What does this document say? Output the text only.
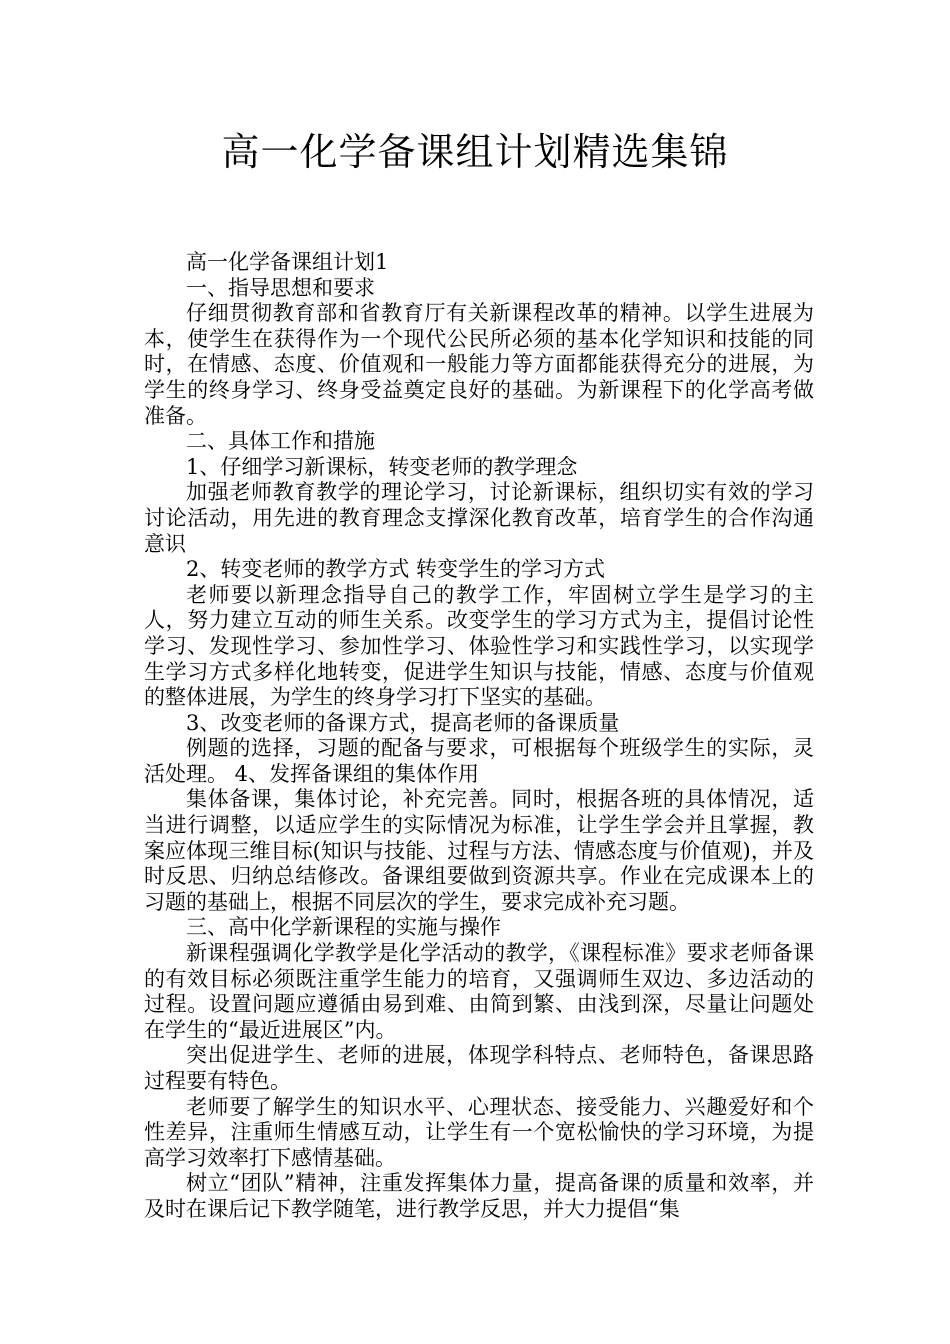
高一化学备课组计划精选集锦

高一化学备课组计划1

一、指导思想和要求

仔细贯彻教育部和省教育厅有关新课程改革的精神。以学生进展为本，使学生在获得作为一个现代公民所必须的基本化学知识和技能的同时，在情感、态度、价值观和一般能力等方面都能获得充分的进展，为学生的终身学习、终身受益奠定良好的基础。为新课程下的化学高考做准备。

二、具体工作和措施

1、仔细学习新课标，转变老师的教学理念

加强老师教育教学的理论学习，讨论新课标，组织切实有效的学习讨论活动，用先进的教育理念支撑深化教育改革，培育学生的合作沟通意识

2、转变老师的教学方式 转变学生的学习方式

老师要以新理念指导自己的教学工作，牢固树立学生是学习的主人，努力建立互动的师生关系。改变学生的学习方式为主，提倡讨论性学习、发现性学习、参加性学习、体验性学习和实践性学习，以实现学生学习方式多样化地转变，促进学生知识与技能，情感、态度与价值观的整体进展，为学生的终身学习打下坚实的基础。

3、改变老师的备课方式，提高老师的备课质量

例题的选择，习题的配备与要求，可根据每个班级学生的实际，灵活处理。 4、发挥备课组的集体作用

集体备课，集体讨论，补充完善。同时，根据各班的具体情况，适当进行调整，以适应学生的实际情况为标准，让学生学会并且掌握，教案应体现三维目标(知识与技能、过程与方法、情感态度与价值观)，并及时反思、归纳总结修改。备课组要做到资源共享。作业在完成课本上的习题的基础上，根据不同层次的学生，要求完成补充习题。

三、高中化学新课程的实施与操作

新课程强调化学教学是化学活动的教学，《课程标准》要求老师备课的有效目标必须既注重学生能力的培育，又强调师生双边、多边活动的过程。设置问题应遵循由易到难、由简到繁、由浅到深，尽量让问题处在学生的“最近进展区”内。

突出促进学生、老师的进展，体现学科特点、老师特色，备课思路过程要有特色。

老师要了解学生的知识水平、心理状态、接受能力、兴趣爱好和个性差异，注重师生情感互动，让学生有一个宽松愉快的学习环境，为提高学习效率打下感情基础。

树立“团队”精神，注重发挥集体力量，提高备课的质量和效率，并及时在课后记下教学随笔，进行教学反思，并大力提倡“集
